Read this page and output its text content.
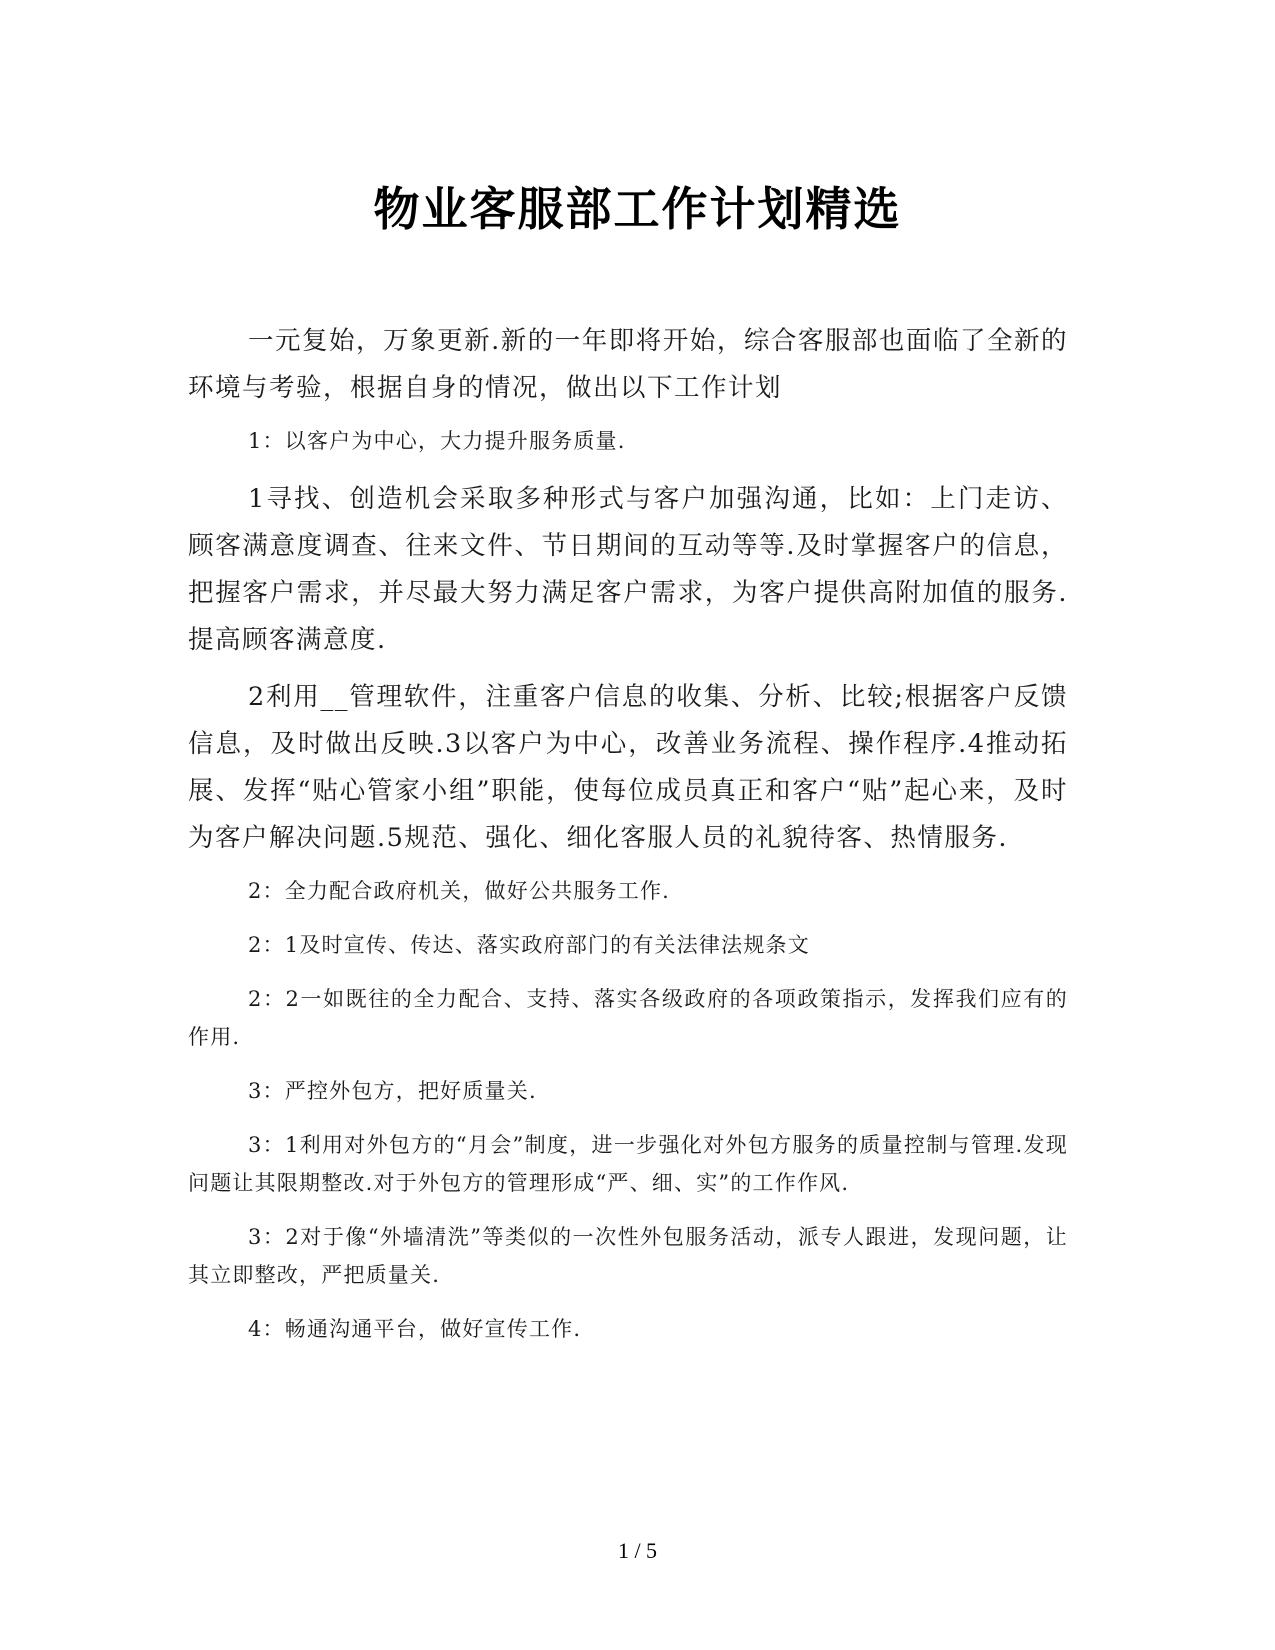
物业客服部工作计划精选

一元复始，万象更新.新的一年即将开始，综合客服部也面临了全新的环境与考验，根据自身的情况，做出以下工作计划

1：以客户为中心，大力提升服务质量.

1寻找、创造机会采取多种形式与客户加强沟通，比如：上门走访、顾客满意度调查、往来文件、节日期间的互动等等.及时掌握客户的信息，把握客户需求，并尽最大努力满足客户需求，为客户提供高附加值的服务.提高顾客满意度.

2利用__管理软件，注重客户信息的收集、分析、比较;根据客户反馈信息，及时做出反映.3以客户为中心，改善业务流程、操作程序.4推动拓展、发挥“贴心管家小组”职能，使每位成员真正和客户“贴”起心来，及时为客户解决问题.5规范、强化、细化客服人员的礼貌待客、热情服务.

2：全力配合政府机关，做好公共服务工作.

2：1及时宣传、传达、落实政府部门的有关法律法规条文

2：2一如既往的全力配合、支持、落实各级政府的各项政策指示，发挥我们应有的作用.

3：严控外包方，把好质量关.

3：1利用对外包方的“月会”制度，进一步强化对外包方服务的质量控制与管理.发现问题让其限期整改.对于外包方的管理形成“严、细、实”的工作作风.

3：2对于像“外墙清洗”等类似的一次性外包服务活动，派专人跟进，发现问题，让其立即整改，严把质量关.

4：畅通沟通平台，做好宣传工作.

1 / 5
